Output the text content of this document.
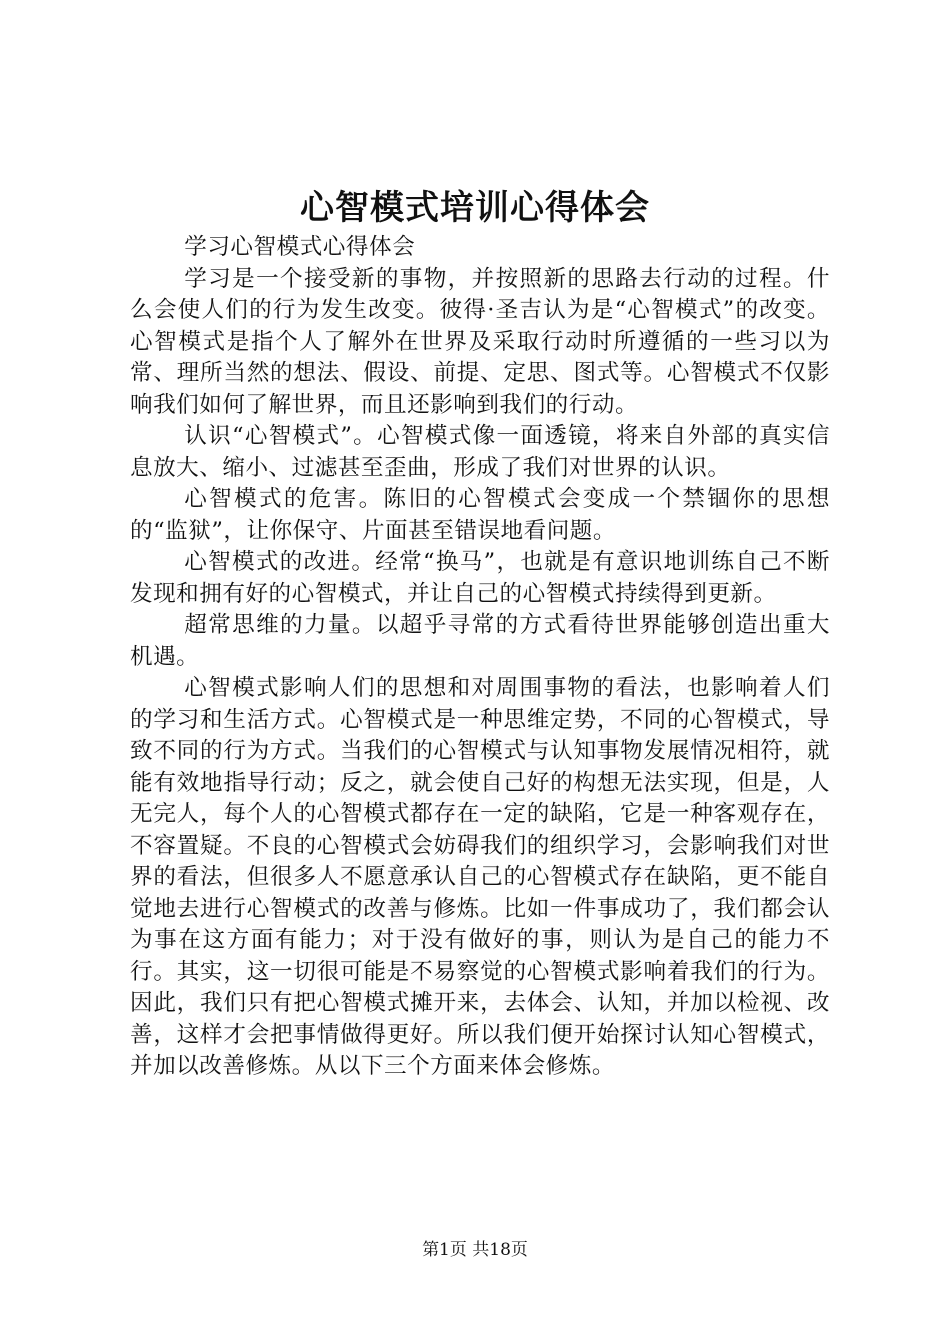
心智模式培训心得体会

学习心智模式心得体会

学习是一个接受新的事物，并按照新的思路去行动的过程。什么会使人们的行为发生改变。彼得·圣吉认为是“心智模式”的改变。心智模式是指个人了解外在世界及采取行动时所遵循的一些习以为常、理所当然的想法、假设、前提、定思、图式等。心智模式不仅影响我们如何了解世界，而且还影响到我们的行动。

认识“心智模式”。心智模式像一面透镜，将来自外部的真实信息放大、缩小、过滤甚至歪曲，形成了我们对世界的认识。

心智模式的危害。陈旧的心智模式会变成一个禁锢你的思想的“监狱”，让你保守、片面甚至错误地看问题。

心智模式的改进。经常“换马”，也就是有意识地训练自己不断发现和拥有好的心智模式，并让自己的心智模式持续得到更新。

超常思维的力量。以超乎寻常的方式看待世界能够创造出重大机遇。

心智模式影响人们的思想和对周围事物的看法，也影响着人们的学习和生活方式。心智模式是一种思维定势，不同的心智模式，导致不同的行为方式。当我们的心智模式与认知事物发展情况相符，就能有效地指导行动；反之，就会使自己好的构想无法实现，但是，人无完人，每个人的心智模式都存在一定的缺陷，它是一种客观存在，不容置疑。不良的心智模式会妨碍我们的组织学习，会影响我们对世界的看法，但很多人不愿意承认自己的心智模式存在缺陷，更不能自觉地去进行心智模式的改善与修炼。比如一件事成功了，我们都会认为事在这方面有能力；对于没有做好的事，则认为是自己的能力不行。其实，这一切很可能是不易察觉的心智模式影响着我们的行为。因此，我们只有把心智模式摊开来，去体会、认知，并加以检视、改善，这样才会把事情做得更好。所以我们便开始探讨认知心智模式，并加以改善修炼。从以下三个方面来体会修炼。

第1页 共18页
